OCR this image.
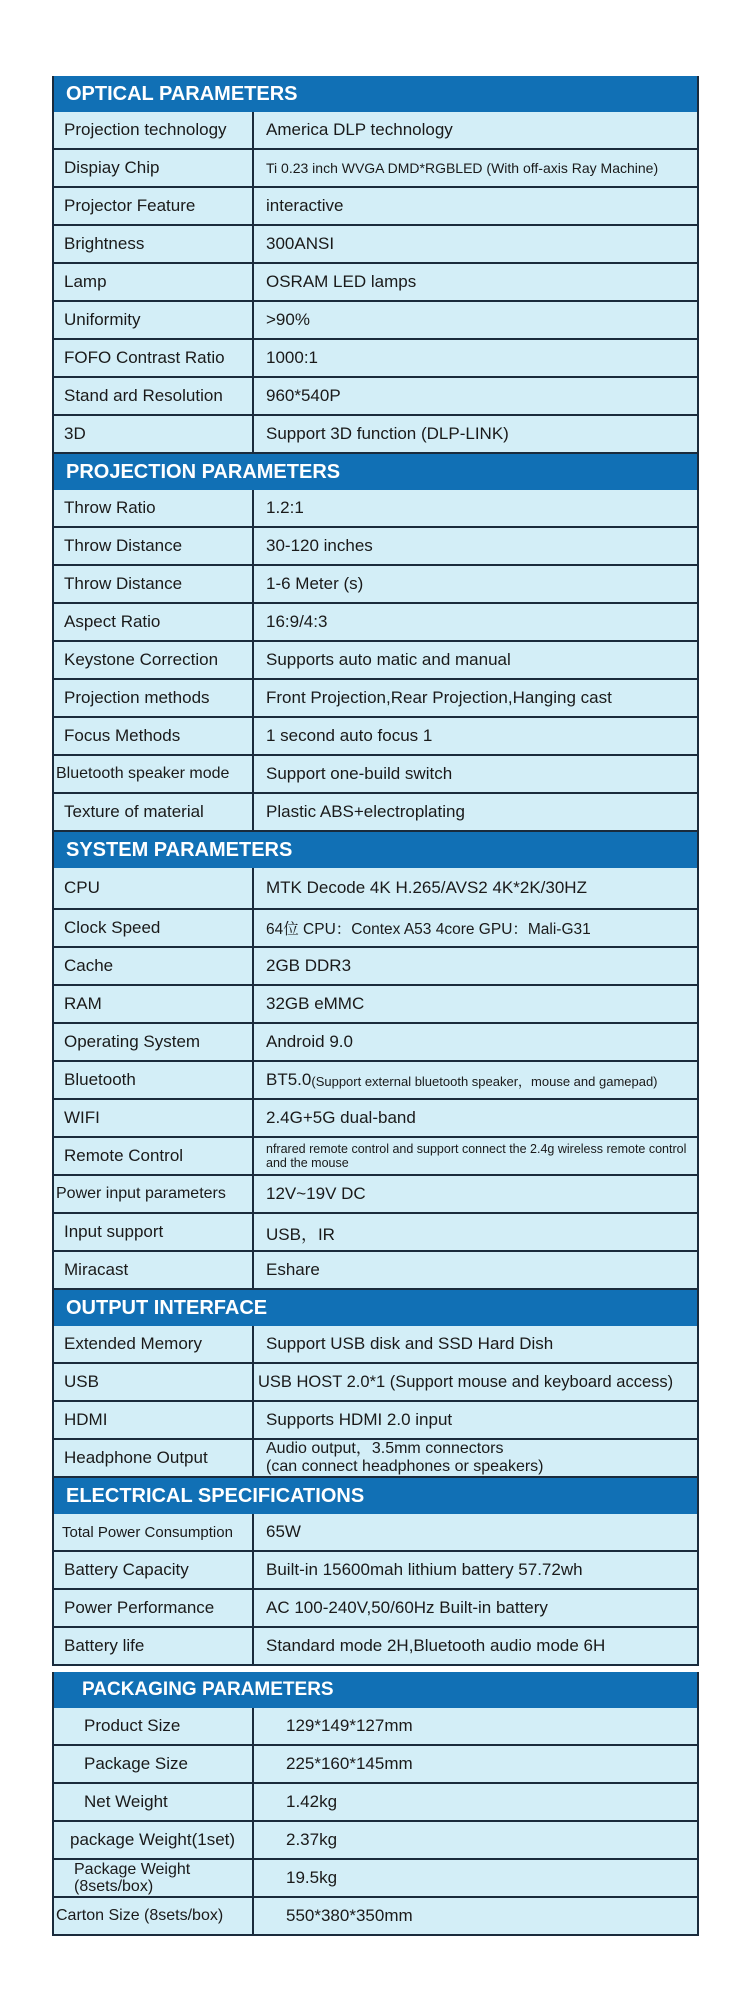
OPTICAL PARAMETERS
Projection technology	America DLP technology
Dispiay Chip	Ti 0.23 inch WVGA DMD*RGBLED (With off-axis Ray Machine)
Projector Feature	interactive
Brightness	300ANSI
Lamp	OSRAM LED lamps
Uniformity	>90%
FOFO Contrast Ratio	1000:1
Stand ard Resolution	960*540P
3D	Support 3D function (DLP-LINK)
PROJECTION PARAMETERS
Throw Ratio	1.2:1
Throw Distance	30-120 inches
Throw Distance	1-6 Meter (s)
Aspect Ratio	16:9/4:3
Keystone Correction	Supports auto matic and manual
Projection methods	Front Projection,Rear Projection,Hanging cast
Focus Methods	1 second auto focus 1
Bluetooth speaker mode	Support one-build switch
Texture of material	Plastic ABS+electroplating
SYSTEM PARAMETERS
CPU	MTK Decode 4K H.265/AVS2 4K*2K/30HZ
Clock Speed	64位 CPU：Contex A53 4core GPU：Mali-G31
Cache	2GB DDR3
RAM	32GB eMMC
Operating System	Android 9.0
Bluetooth	BT5.0 (Support external bluetooth speaker，mouse and gamepad)
WIFI	2.4G+5G dual-band
Remote Control	nfrared remote control and support connect the 2.4g wireless remote control and the mouse
Power input parameters	12V~19V DC
Input support	USB，IR
Miracast	Eshare
OUTPUT INTERFACE
Extended Memory	Support USB disk and SSD Hard Dish
USB	USB HOST 2.0*1 (Support mouse and keyboard access)
HDMI	Supports HDMI 2.0 input
Headphone Output	Audio output，3.5mm connectors
(can connect headphones or speakers)
ELECTRICAL SPECIFICATIONS
Total Power Consumption	65W
Battery Capacity	Built-in 15600mah lithium battery 57.72wh
Power Performance	AC 100-240V,50/60Hz Built-in battery
Battery life	Standard mode 2H,Bluetooth audio mode 6H
PACKAGING PARAMETERS
Product Size	129*149*127mm
Package Size	225*160*145mm
Net Weight	1.42kg
package Weight(1set)	2.37kg
Package Weight
(8sets/box)	19.5kg
Carton Size (8sets/box)	550*380*350mm
